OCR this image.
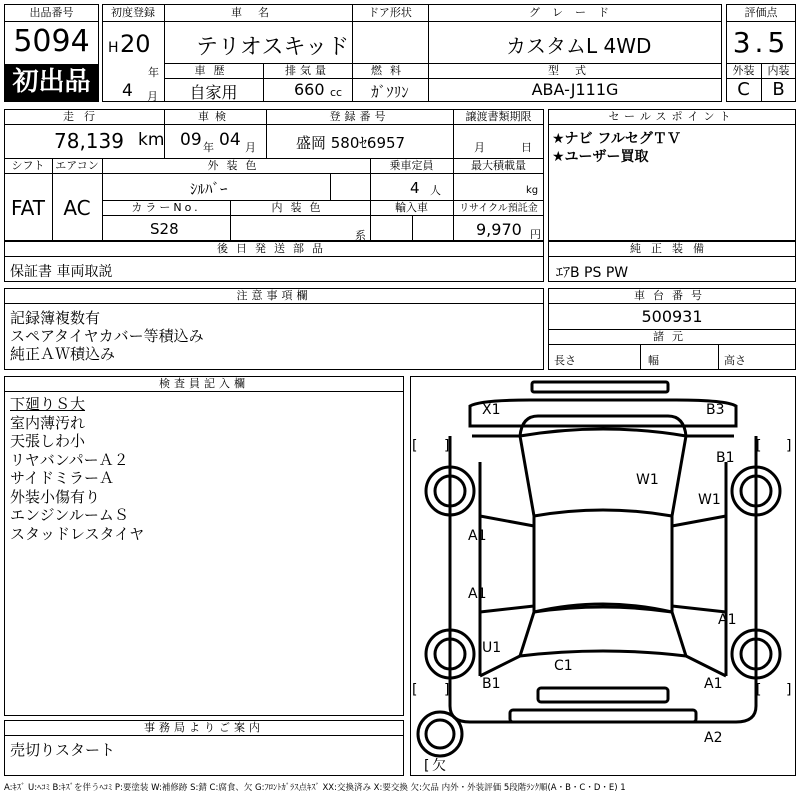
出品番号
5094
初出品
初度登録
H 20
年
4 月
車名
テリオスキッド
ドア形状	グレード
カスタムL 4WD
車歴
自家用
排気量
660 cc
燃料
ｶﾞｿﾘﾝ
型式
ABA-J111G
評価点
3.5
外装	内装
C	B
走行
78,139 km
車検
09 年 04 月
登録番号
盛岡 580ｾ6957
譲渡書類期限
月	日
シフト
FAT
エアコン
AC
外装色
ｼﾙﾊﾞｰ
乗車定員
4 人
最大積載量
kg
カラーNo.
S28
内装色
系
輸入車	リサイクル預託金
9,970 円
セールスポイント
★ナビ フルセグＴＶ
★ユーザー買取
後日発送部品
保証書 車両取説
純正装備
ｴｱB PS PW
注意事項欄
記録簿複数有
スペアタイヤカバー等積込み
純正ＡＷ積込み
車台番号
500931
諸元
長さ	幅	高さ
検査員記入欄
下廻りＳ大
室内薄汚れ
天張しわ小
リヤバンパーＡ２
サイドミラーＡ
外装小傷有り
エンジンルームＳ
スタッドレスタイヤ
事務局よりご案内
売切りスタート
X1	B3
B1
W1
W1
A1
A1
A1
U1
C1
B1	A1
A2
[ ]	[ ]
[ ]	[ ]
[ 欠
A:ｷｽﾞ U:ﾍｺﾐ B:ｷｽﾞを伴うﾍｺﾐ P:要塗装 W:補修跡 S:錆 C:腐食、欠 G:ﾌﾛﾝﾄｶﾞﾗｽ点ｷｽﾞ XX:交換済み X:要交換 欠:欠品 内外・外装評価 5段階ﾗﾝｸ順(A・B・C・D・E) 1
